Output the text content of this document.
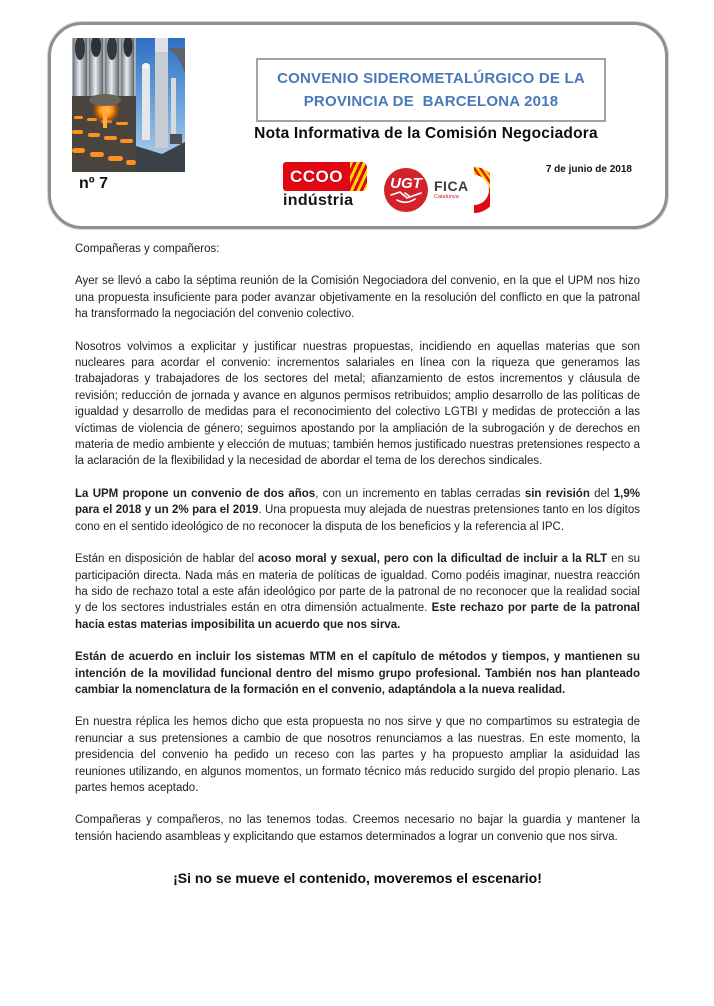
nº 7
CONVENIO SIDEROMETALÚRGICO DE LA
PROVINCIA DE  BARCELONA 2018
Nota Informativa de la Comisión Negociadora
7 de junio de 2018
CCOO
indústria
UGT FICA
Catalunya

Compañeras y compañeros:

Ayer se llevó a cabo la séptima reunión de la Comisión Negociadora del convenio, en la que el UPM nos hizo una propuesta insuficiente para poder avanzar objetivamente en la resolución del conflicto en que la patronal ha transformado la negociación del convenio colectivo.

Nosotros volvimos a explicitar y justificar nuestras propuestas, incidiendo en aquellas materias que son nucleares para acordar el convenio: incrementos salariales en línea con la riqueza que generamos las trabajadoras y trabajadores de los sectores del metal; afianzamiento de estos incrementos y cláusula de revisión; reducción de jornada y avance en algunos permisos retribuidos; amplio desarrollo de las políticas de igualdad y desarrollo de medidas para el reconocimiento del colectivo LGTBI y medidas de protección a las víctimas de violencia de género; seguimos apostando por la ampliación de la subrogación y de derechos en materia de medio ambiente y elección de mutuas; también hemos justificado nuestras pretensiones respecto a la aclaración de la flexibilidad y la necesidad de abordar el tema de los derechos sindicales.

La UPM propone un convenio de dos años, con un incremento en tablas cerradas sin revisión del 1,9% para el 2018 y un 2% para el 2019. Una propuesta muy alejada de nuestras pretensiones tanto en los dígitos cono en el sentido ideológico de no reconocer la disputa de los beneficios y la referencia al IPC.

Están en disposición de hablar del acoso moral y sexual, pero con la dificultad de incluir a la RLT en su participación directa. Nada más en materia de políticas de igualdad. Como podéis imaginar, nuestra reacción ha sido de rechazo total a este afán ideológico por parte de la patronal de no reconocer que la realidad social y de los sectores industriales están en otra dimensión actualmente. Este rechazo por parte de la patronal hacia estas materias imposibilita un acuerdo que nos sirva.

Están de acuerdo en incluir los sistemas MTM en el capítulo de métodos y tiempos, y mantienen su intención de la movilidad funcional dentro del mismo grupo profesional. También nos han planteado cambiar la nomenclatura de la formación en el convenio, adaptándola a la nueva realidad.

En nuestra réplica les hemos dicho que esta propuesta no nos sirve y que no compartimos su estrategia de renunciar a sus pretensiones a cambio de que nosotros renunciamos a las nuestras. En este momento, la presidencia del convenio ha pedido un receso con las partes y ha propuesto ampliar la asiduidad las reuniones utilizando, en algunos momentos, un formato técnico más reducido surgido del propio plenario. Las partes hemos aceptado.

Compañeras y compañeros, no las tenemos todas. Creemos necesario no bajar la guardia y mantener la tensión haciendo asambleas y explicitando que estamos determinados a lograr un convenio que nos sirva.

¡Si no se mueve el contenido, moveremos el escenario!
